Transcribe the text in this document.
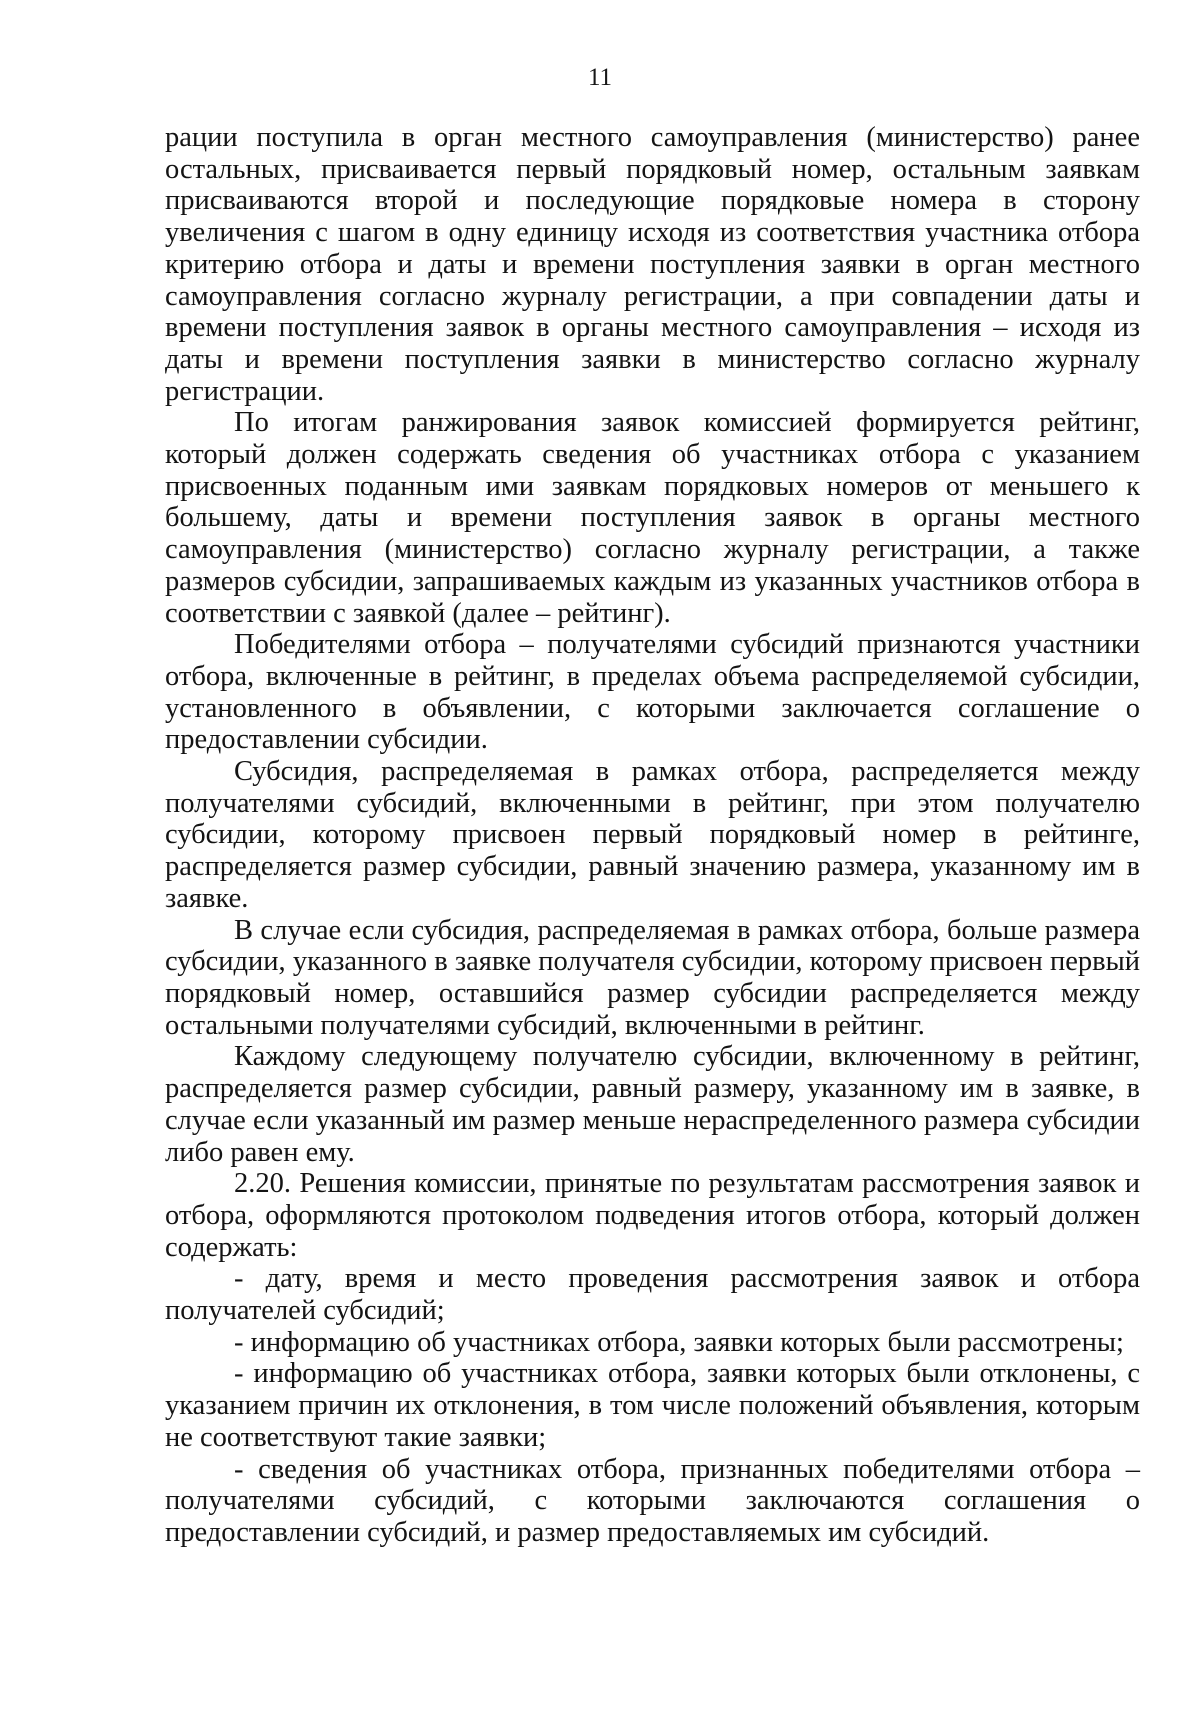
11

рации поступила в орган местного самоуправления (министерство) ранее остальных, присваивается первый порядковый номер, остальным заявкам присваиваются второй и последующие порядковые номера в сторону увеличения с шагом в одну единицу исходя из соответствия участника отбора критерию отбора и даты и времени поступления заявки в орган местного самоуправления согласно журналу регистрации, а при совпадении даты и времени поступления заявок в органы местного самоуправления – исходя из даты и времени поступления заявки в министерство согласно журналу регистрации.

По итогам ранжирования заявок комиссией формируется рейтинг, который должен содержать сведения об участниках отбора с указанием присвоенных поданным ими заявкам порядковых номеров от меньшего к большему, даты и времени поступления заявок в органы местного самоуправления (министерство) согласно журналу регистрации, а также размеров субсидии, запрашиваемых каждым из указанных участников отбора в соответствии с заявкой (далее – рейтинг).

Победителями отбора – получателями субсидий признаются участники отбора, включенные в рейтинг, в пределах объема распределяемой субсидии, установленного в объявлении, с которыми заключается соглашение о предоставлении субсидии.

Субсидия, распределяемая в рамках отбора, распределяется между получателями субсидий, включенными в рейтинг, при этом получателю субсидии, которому присвоен первый порядковый номер в рейтинге, распределяется размер субсидии, равный значению размера, указанному им в заявке.

В случае если субсидия, распределяемая в рамках отбора, больше размера субсидии, указанного в заявке получателя субсидии, которому присвоен первый порядковый номер, оставшийся размер субсидии распределяется между остальными получателями субсидий, включенными в рейтинг.

Каждому следующему получателю субсидии, включенному в рейтинг, распределяется размер субсидии, равный размеру, указанному им в заявке, в случае если указанный им размер меньше нераспределенного размера субсидии либо равен ему.

2.20. Решения комиссии, принятые по результатам рассмотрения заявок и отбора, оформляются протоколом подведения итогов отбора, который должен содержать:

- дату, время и место проведения рассмотрения заявок и отбора получателей субсидий;

- информацию об участниках отбора, заявки которых были рассмотрены;

- информацию об участниках отбора, заявки которых были отклонены, с указанием причин их отклонения, в том числе положений объявления, которым не соответствуют такие заявки;

- сведения об участниках отбора, признанных победителями отбора – получателями субсидий, с которыми заключаются соглашения о предоставлении субсидий, и размер предоставляемых им субсидий.
